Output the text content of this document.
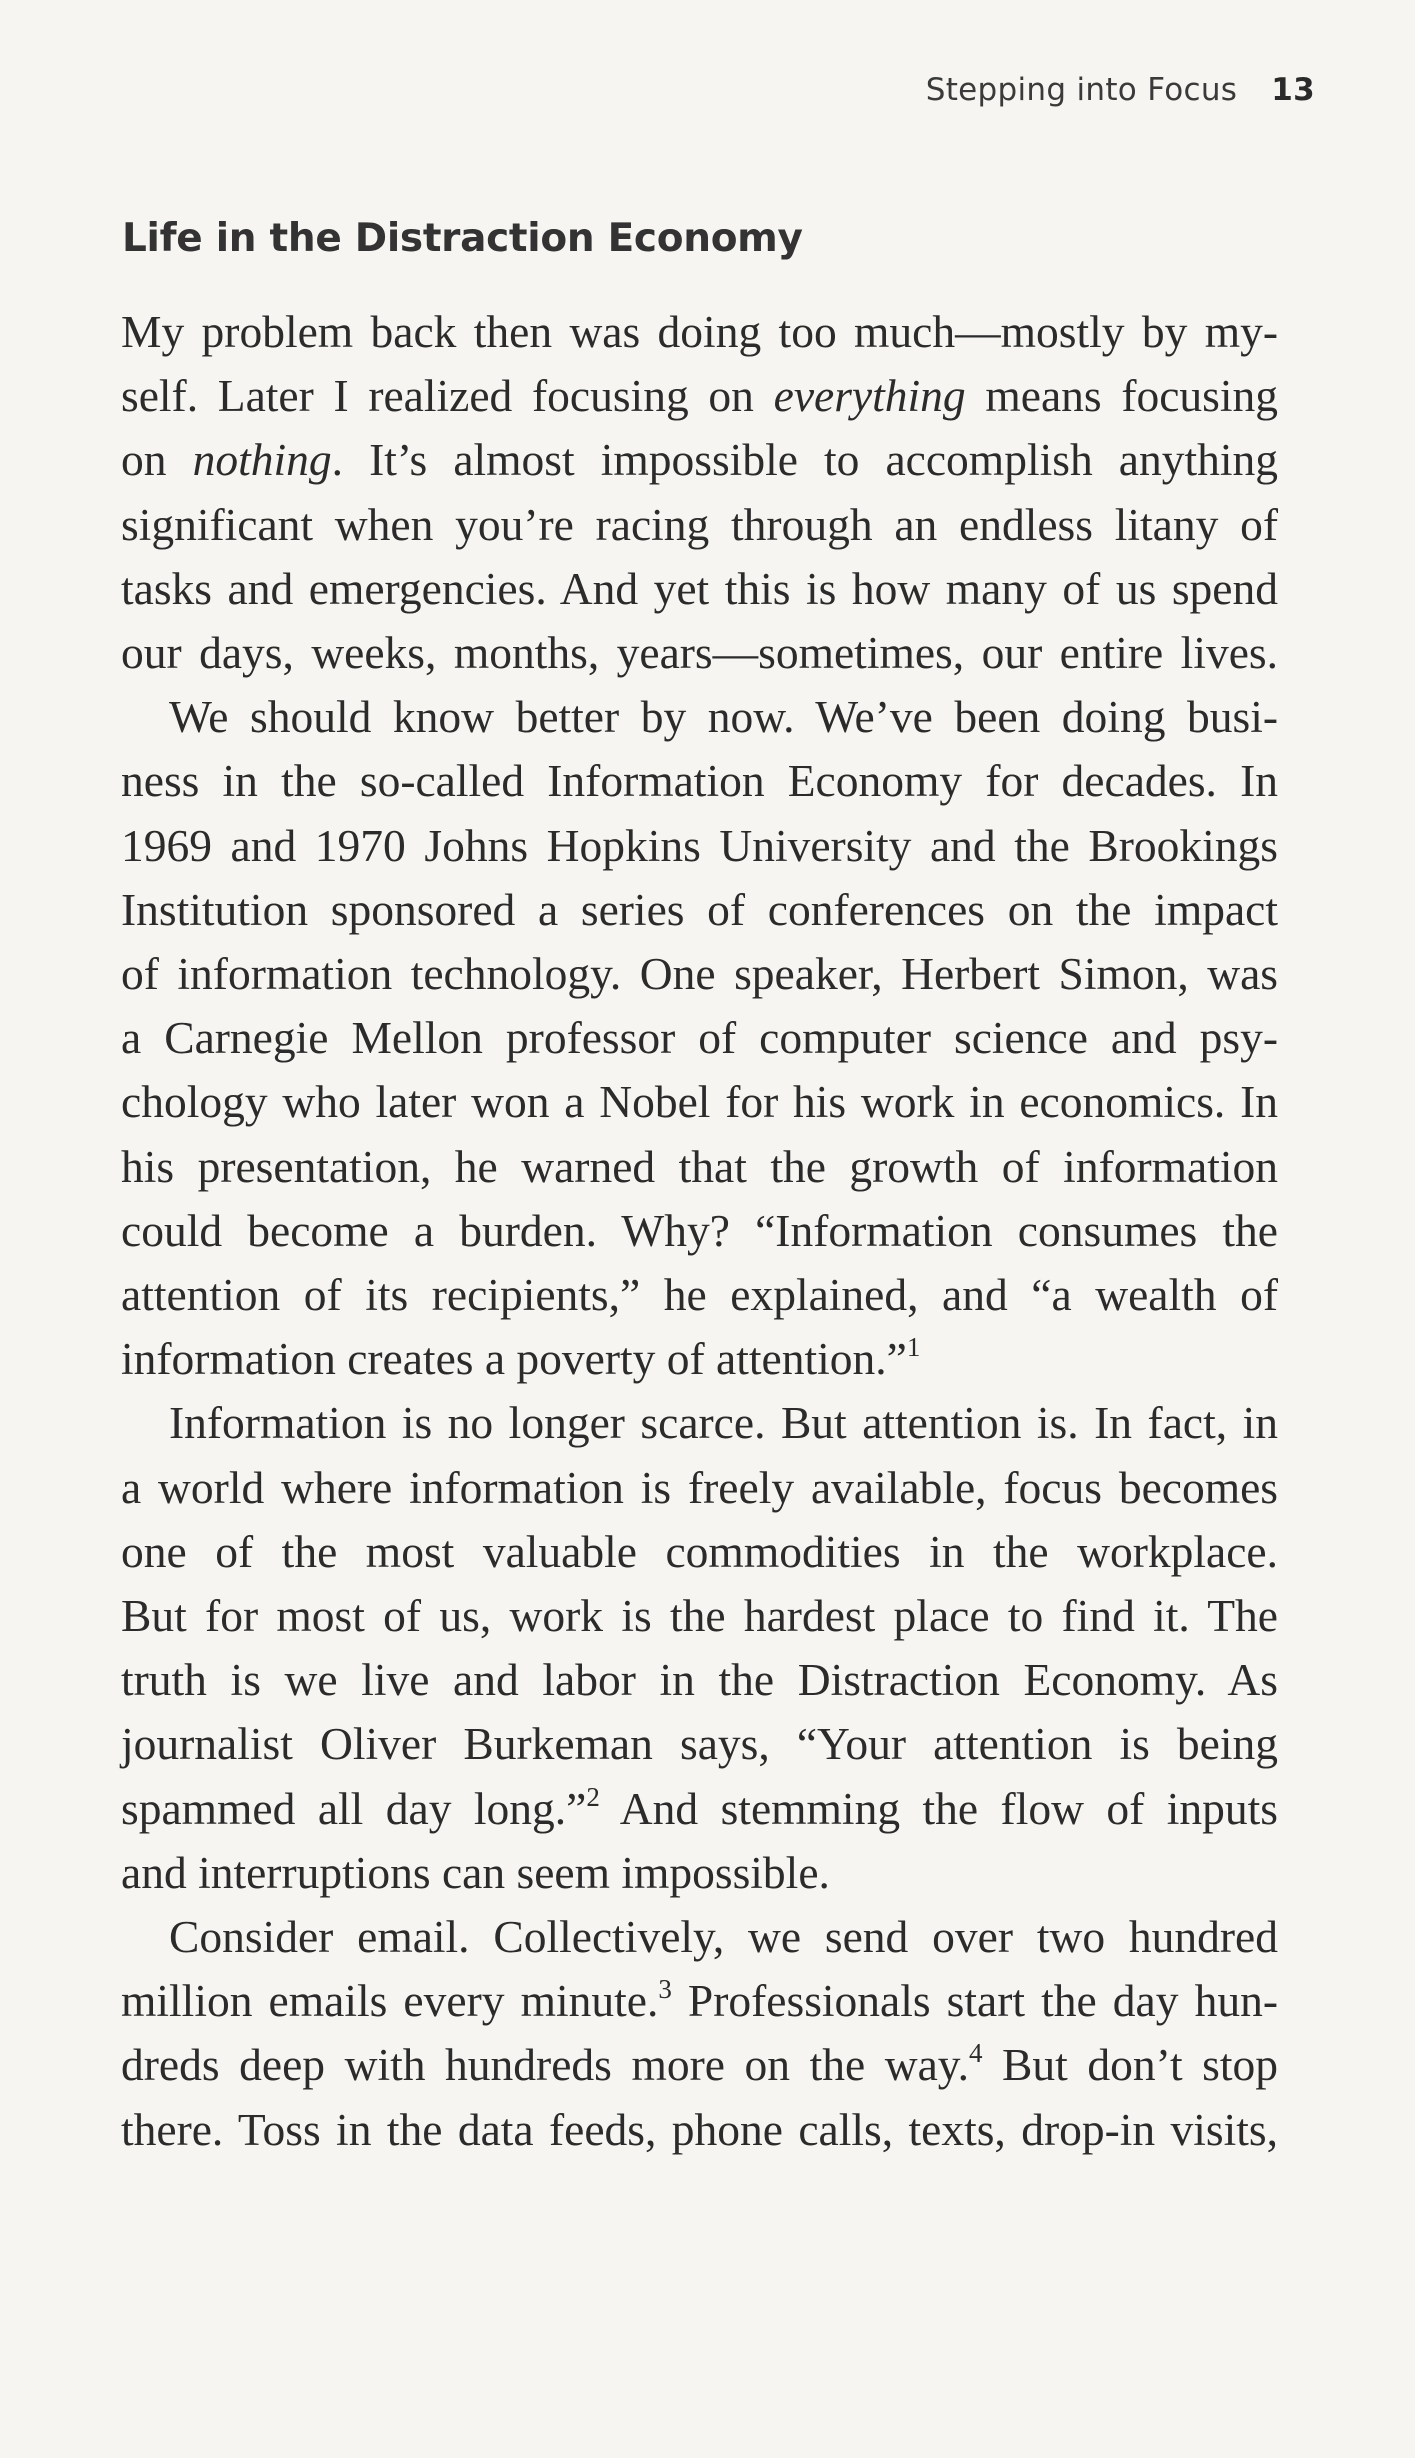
Stepping into Focus 13
Life in the Distraction Economy

My problem back then was doing too much—mostly by my-
self. Later I realized focusing on everything means focusing
on nothing. It’s almost impossible to accomplish anything
significant when you’re racing through an endless litany of
tasks and emergencies. And yet this is how many of us spend
our days, weeks, months, years—sometimes, our entire lives.

We should know better by now. We’ve been doing busi-
ness in the so-called Information Economy for decades. In
1969 and 1970 Johns Hopkins University and the Brookings
Institution sponsored a series of conferences on the impact
of information technology. One speaker, Herbert Simon, was
a Carnegie Mellon professor of computer science and psy-
chology who later won a Nobel for his work in economics. In
his presentation, he warned that the growth of information
could become a burden. Why? “Information consumes the
attention of its recipients,” he explained, and “a wealth of
information creates a poverty of attention.”$^1$

Information is no longer scarce. But attention is. In fact, in
a world where information is freely available, focus becomes
one of the most valuable commodities in the workplace.
But for most of us, work is the hardest place to find it. The
truth is we live and labor in the Distraction Economy. As
journalist Oliver Burkeman says, “Your attention is being
spammed all day long.”$^2$ And stemming the flow of inputs
and interruptions can seem impossible.

Consider email. Collectively, we send over two hundred
million emails every minute.$^3$ Professionals start the day hun-
dreds deep with hundreds more on the way.$^4$ But don’t stop
there. Toss in the data feeds, phone calls, texts, drop-in visits,
